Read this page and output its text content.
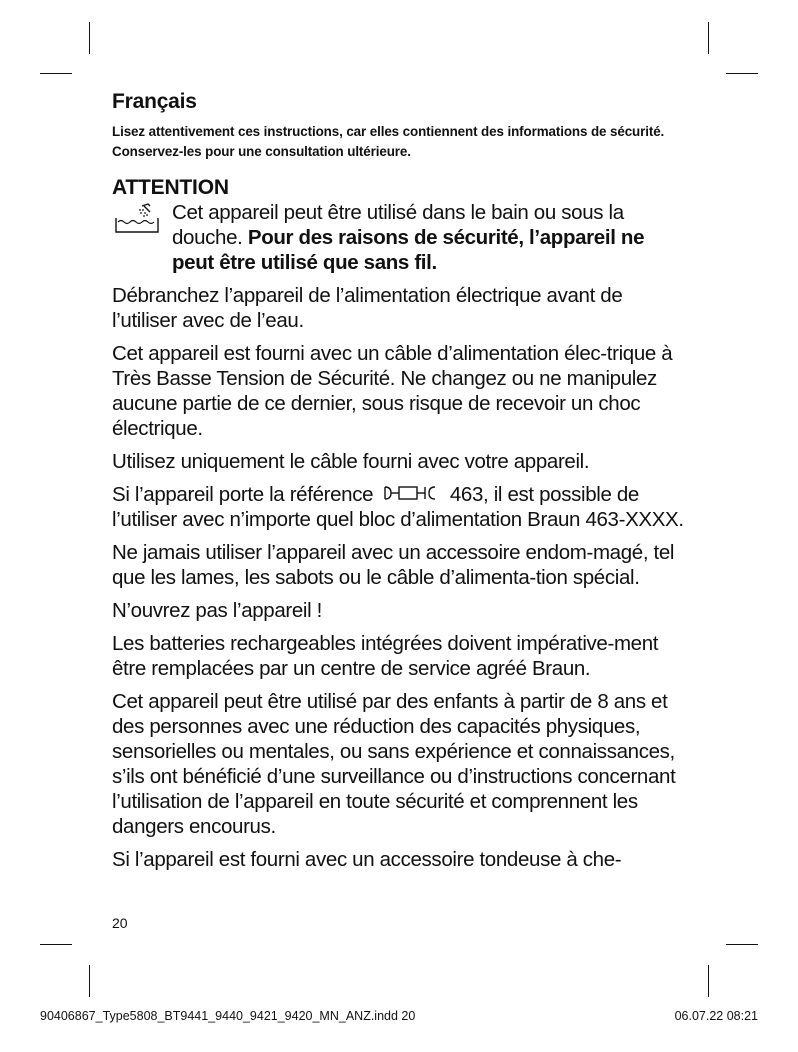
Français

Lisez attentivement ces instructions, car elles contiennent des informations de sécurité. Conservez-les pour une consultation ultérieure.

ATTENTION

Cet appareil peut être utilisé dans le bain ou sous la douche. Pour des raisons de sécurité, l’appareil ne peut être utilisé que sans fil.

Débranchez l’appareil de l’alimentation électrique avant de l’utiliser avec de l’eau.

Cet appareil est fourni avec un câble d’alimentation élec-trique à Très Basse Tension de Sécurité. Ne changez ou ne manipulez aucune partie de ce dernier, sous risque de recevoir un choc électrique.

Utilisez uniquement le câble fourni avec votre appareil.

Si l’appareil porte la référence	463, il est possible de l’utiliser avec n’importe quel bloc d’alimentation Braun 463-XXXX.

Ne jamais utiliser l’appareil avec un accessoire endom-magé, tel que les lames, les sabots ou le câble d’alimenta-tion spécial.

N’ouvrez pas l’appareil !

Les batteries rechargeables intégrées doivent impérative-ment être remplacées par un centre de service agréé Braun.

Cet appareil peut être utilisé par des enfants à partir de 8 ans et des personnes avec une réduction des capacités physiques, sensorielles ou mentales, ou sans expérience et connaissances, s’ils ont bénéficié d’une surveillance ou d’instructions concernant l’utilisation de l’appareil en toute sécurité et comprennent les dangers encourus.

Si l’appareil est fourni avec un accessoire tondeuse à che-

20
90406867_Type5808_BT9441_9440_9421_9420_MN_ANZ.indd 20	06.07.22 08:21
